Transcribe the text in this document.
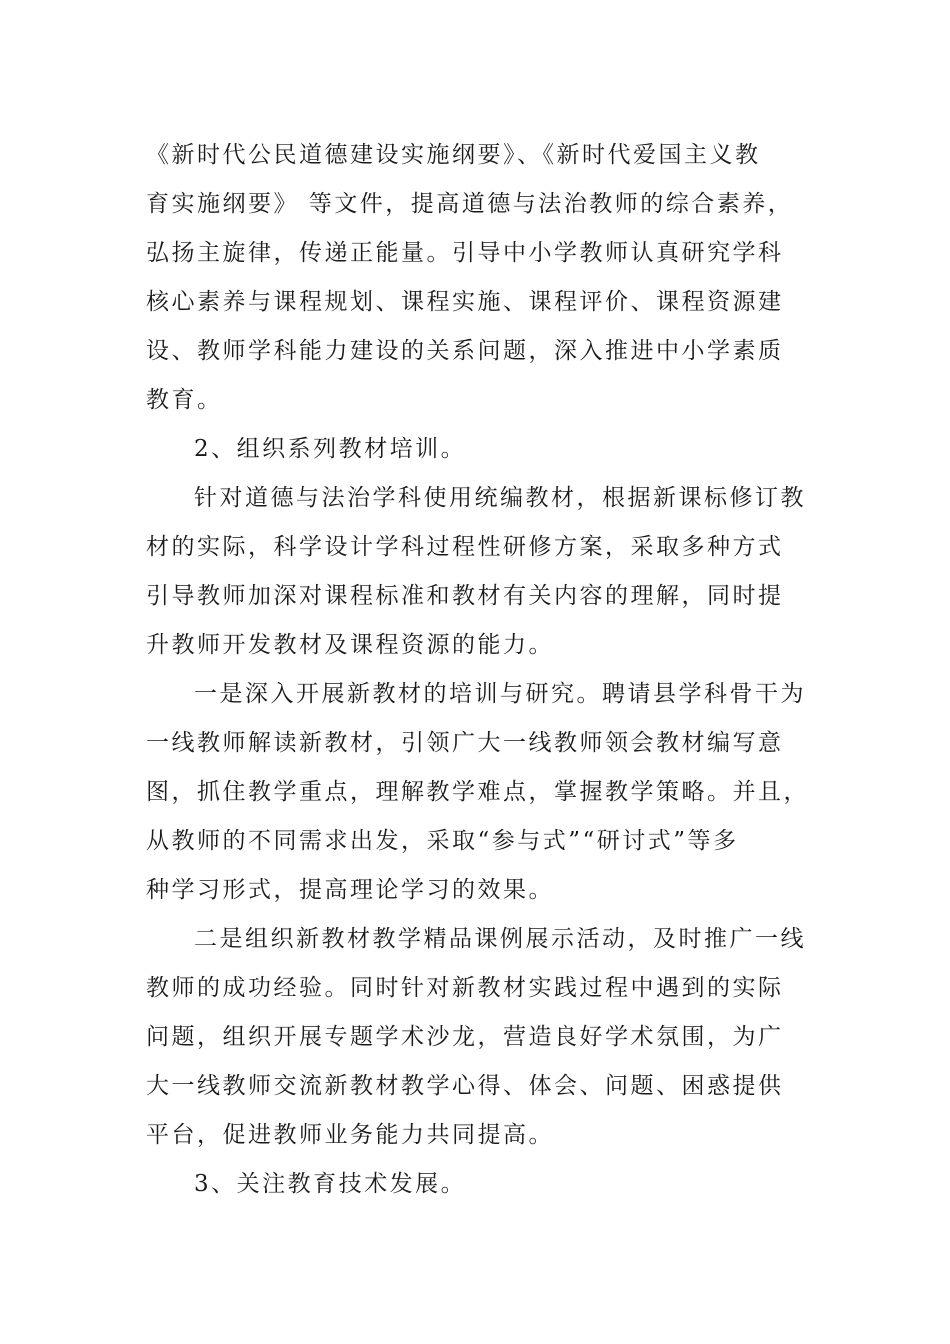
《新时代公民道德建设实施纲要》、《新时代爱国主义教
育实施纲要》 等文件，提高道德与法治教师的综合素养，
弘扬主旋律，传递正能量。引导中小学教师认真研究学科
核心素养与课程规划、课程实施、课程评价、课程资源建
设、教师学科能力建设的关系问题，深入推进中小学素质
教育。
2、组织系列教材培训。
针对道德与法治学科使用统编教材，根据新课标修订教
材的实际，科学设计学科过程性研修方案，采取多种方式
引导教师加深对课程标准和教材有关内容的理解，同时提
升教师开发教材及课程资源的能力。
一是深入开展新教材的培训与研究。聘请县学科骨干为
一线教师解读新教材，引领广大一线教师领会教材编写意
图，抓住教学重点，理解教学难点，掌握教学策略。并且，
从教师的不同需求出发，采取“参与式”“研讨式”等多
种学习形式，提高理论学习的效果。
二是组织新教材教学精品课例展示活动，及时推广一线
教师的成功经验。同时针对新教材实践过程中遇到的实际
问题，组织开展专题学术沙龙，营造良好学术氛围，为广
大一线教师交流新教材教学心得、体会、问题、困惑提供
平台，促进教师业务能力共同提高。
3、关注教育技术发展。
